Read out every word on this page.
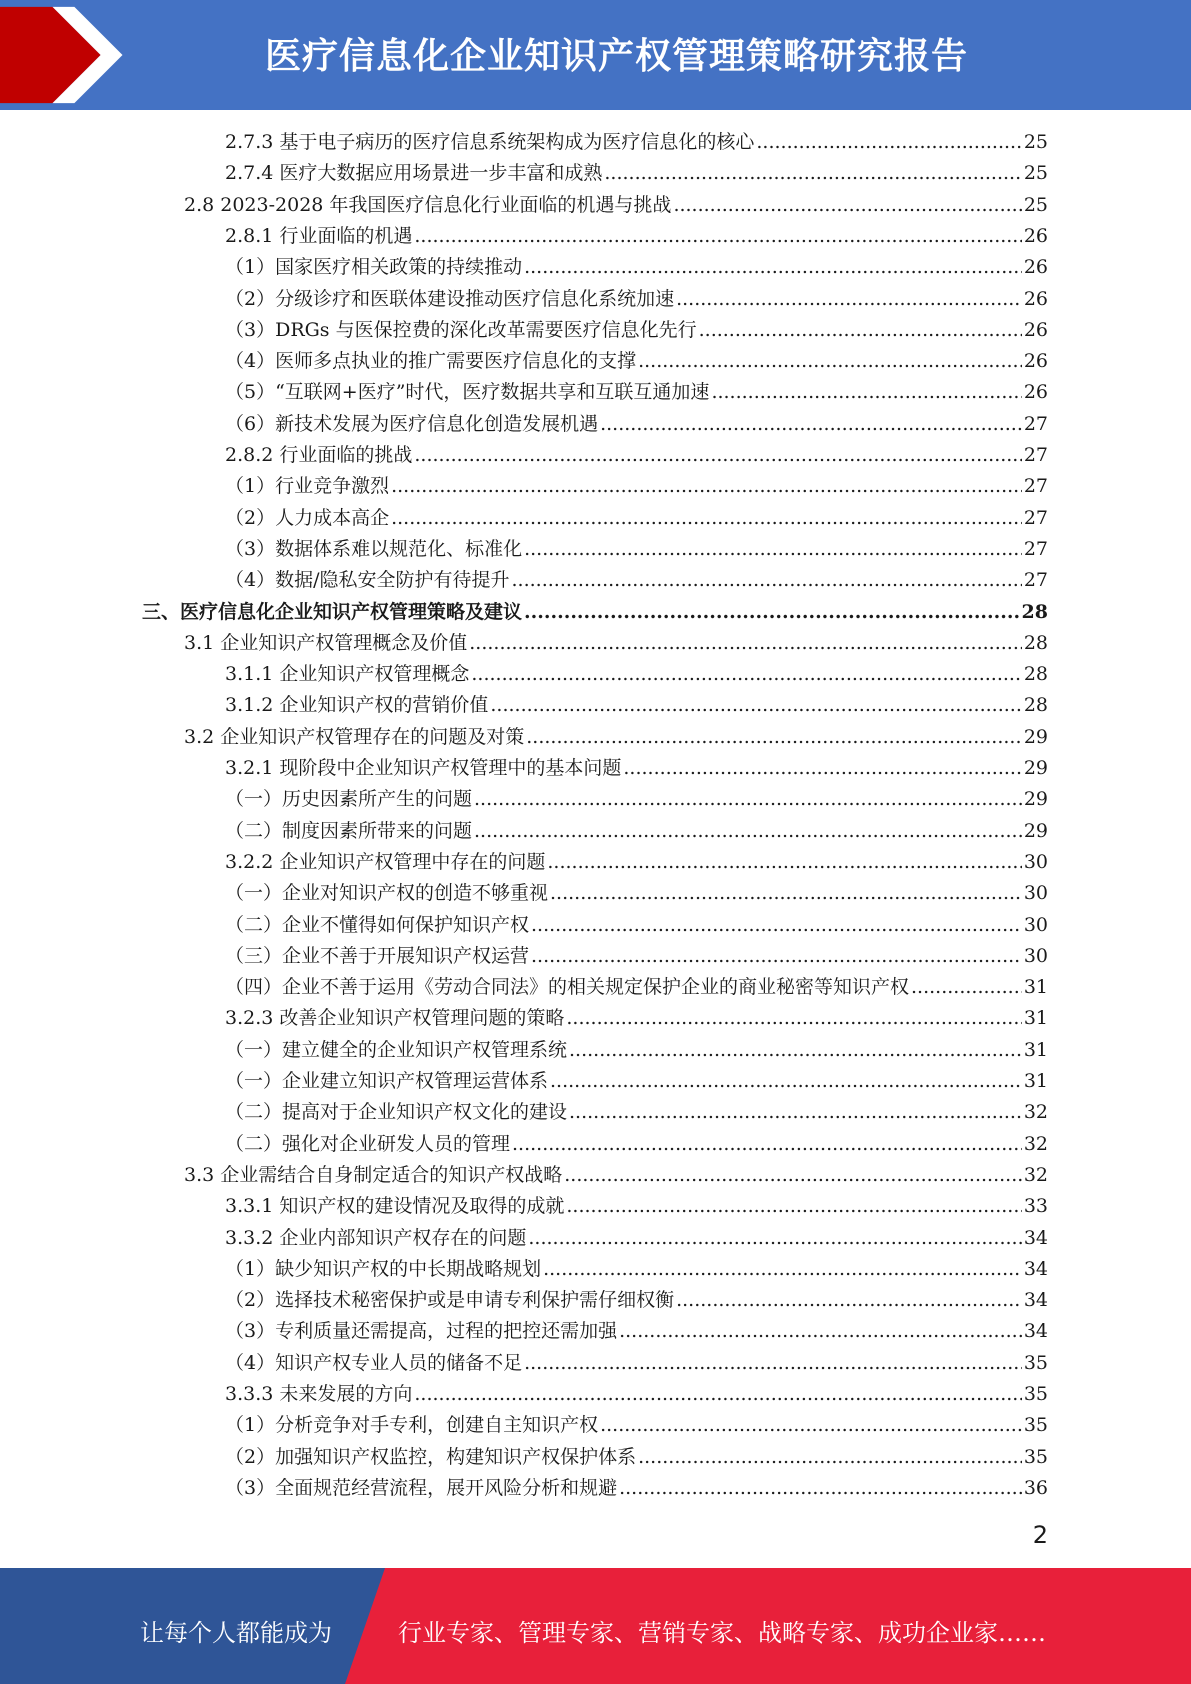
医疗信息化企业知识产权管理策略研究报告
2.7.3 基于电子病历的医疗信息系统架构成为医疗信息化的核心 .....	25
2.7.4 医疗大数据应用场景进一步丰富和成熟 .....	25
2.8 2023-2028 年我国医疗信息化行业面临的机遇与挑战 .....	25
2.8.1 行业面临的机遇 .....	26
（1）国家医疗相关政策的持续推动 .....	26
（2）分级诊疗和医联体建设推动医疗信息化系统加速 .....	26
（3）DRGs 与医保控费的深化改革需要医疗信息化先行 .....	26
（4）医师多点执业的推广需要医疗信息化的支撑 .....	26
（5）“互联网+医疗”时代，医疗数据共享和互联互通加速 .....	26
（6）新技术发展为医疗信息化创造发展机遇 .....	27
2.8.2 行业面临的挑战 .....	27
（1）行业竞争激烈 .....	27
（2）人力成本高企 .....	27
（3）数据体系难以规范化、标准化 .....	27
（4）数据/隐私安全防护有待提升 .....	27
三、医疗信息化企业知识产权管理策略及建议 .....	28
3.1 企业知识产权管理概念及价值 .....	28
3.1.1 企业知识产权管理概念 .....	28
3.1.2 企业知识产权的营销价值 .....	28
3.2 企业知识产权管理存在的问题及对策 .....	29
3.2.1 现阶段中企业知识产权管理中的基本问题 .....	29
（一）历史因素所产生的问题 .....	29
（二）制度因素所带来的问题 .....	29
3.2.2 企业知识产权管理中存在的问题 .....	30
（一）企业对知识产权的创造不够重视 .....	30
（二）企业不懂得如何保护知识产权 .....	30
（三）企业不善于开展知识产权运营 .....	30
（四）企业不善于运用《劳动合同法》的相关规定保护企业的商业秘密等知识产权 .....	31
3.2.3 改善企业知识产权管理问题的策略 .....	31
（一）建立健全的企业知识产权管理系统 .....	31
（一）企业建立知识产权管理运营体系 .....	31
（二）提高对于企业知识产权文化的建设 .....	32
（二）强化对企业研发人员的管理 .....	32
3.3 企业需结合自身制定适合的知识产权战略 .....	32
3.3.1 知识产权的建设情况及取得的成就 .....	33
3.3.2 企业内部知识产权存在的问题 .....	34
（1）缺少知识产权的中长期战略规划 .....	34
（2）选择技术秘密保护或是申请专利保护需仔细权衡 .....	34
（3）专利质量还需提高，过程的把控还需加强 .....	34
（4）知识产权专业人员的储备不足 .....	35
3.3.3 未来发展的方向 .....	35
（1）分析竞争对手专利，创建自主知识产权 .....	35
（2）加强知识产权监控，构建知识产权保护体系 .....	35
（3）全面规范经营流程，展开风险分析和规避 .....	36
2
让每个人都能成为	行业专家、管理专家、营销专家、战略专家、成功企业家……
